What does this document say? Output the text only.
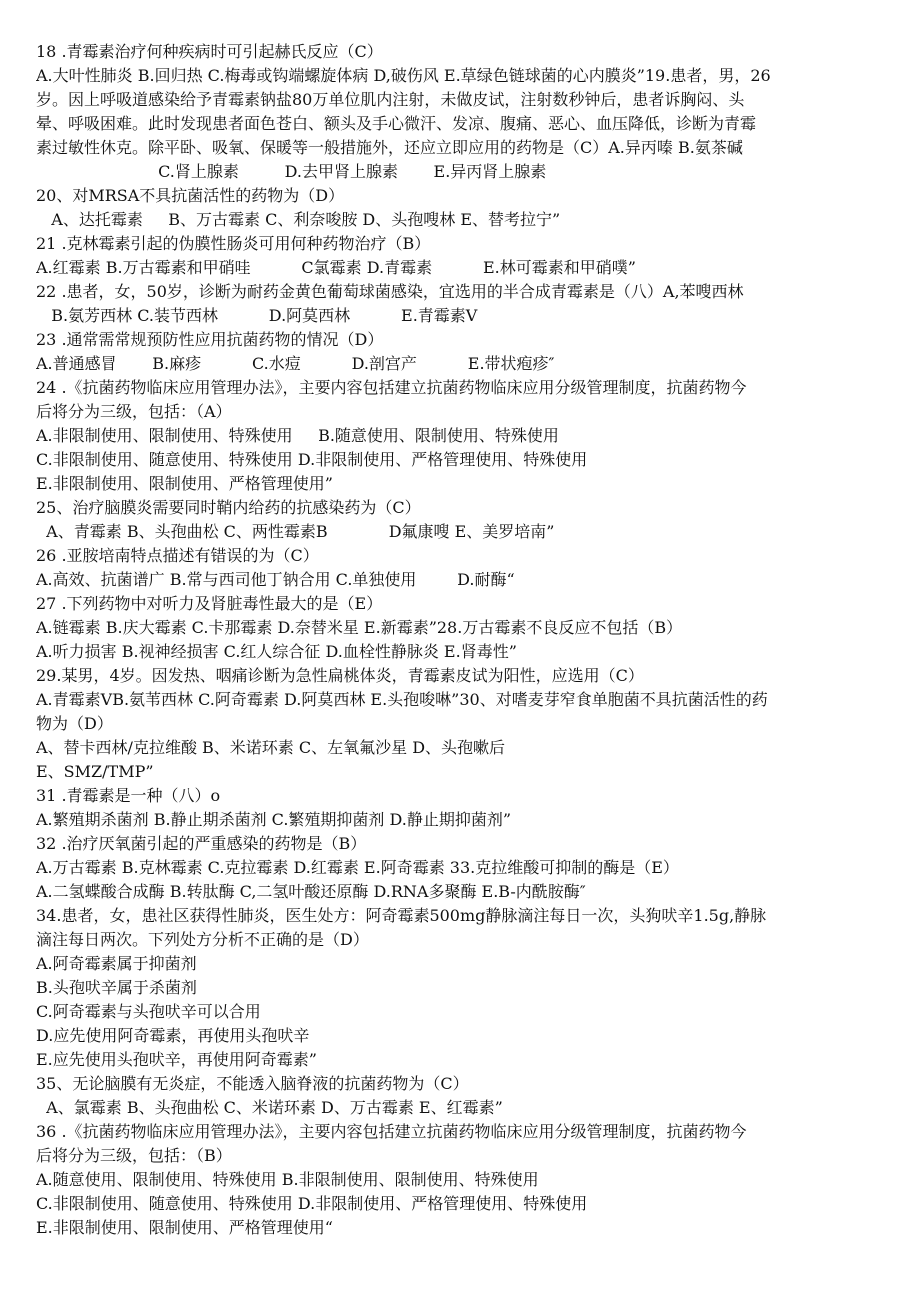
18 .青霉素治疗何种疾病时可引起赫氏反应（C）
A.大叶性肺炎 B.回归热 C.梅毒或钩端螺旋体病 D,破伤风 E.草绿色链球菌的心内膜炎”19.患者，男，26
岁。因上呼吸道感染给予青霉素钠盐80万单位肌内注射，未做皮试，注射数秒钟后，患者诉胸闷、头
晕、呼吸困难。此时发现患者面色苍白、额头及手心微汗、发凉、腹痛、恶心、血压降低，诊断为青霉
素过敏性休克。除平卧、吸氧、保暖等一般措施外，还应立即应用的药物是（C）A.异丙嗪 B.氨茶碱
C.肾上腺素         D.去甲肾上腺素       E.异丙肾上腺素
20、对MRSA不具抗菌活性的药物为（D）
A、达托霉素     B、万古霉素 C、利奈唆胺 D、头孢嗖林 E、替考拉宁”
21 .克林霉素引起的伪膜性肠炎可用何种药物治疗（B）
A.红霉素 B.万古霉素和甲硝哇          C氯霉素 D.青霉素          E.林可霉素和甲硝噗”
22 .患者，女，50岁，诊断为耐药金黄色葡萄球菌感染，宜选用的半合成青霉素是（八）A,苯嗖西林
B.氨芳西林 C.装节西林          D.阿莫西林          E.青霉素V
23 .通常需常规预防性应用抗菌药物的情况（D）
A.普通感冒       B.麻疹          C.水痘          D.剖宫产          E.带状疱疹″
24 .《抗菌药物临床应用管理办法》，主要内容包括建立抗菌药物临床应用分级管理制度，抗菌药物今
后将分为三级，包括：（A）
A.非限制使用、限制使用、特殊使用     B.随意使用、限制使用、特殊使用
C.非限制使用、随意使用、特殊使用 D.非限制使用、严格管理使用、特殊使用
E.非限制使用、限制使用、严格管理使用”
25、治疗脑膜炎需要同时鞘内给药的抗感染药为（C）
A、青霉素 B、头孢曲松 C、两性霉素B            D氟康嗖 E、美罗培南”
26 .亚胺培南特点描述有错误的为（C）
A.高效、抗菌谱广 B.常与西司他丁钠合用 C.单独使用        D.耐酶“
27 .下列药物中对听力及肾脏毒性最大的是（E）
A.链霉素 B.庆大霉素 C.卡那霉素 D.奈替米星 E.新霉素”28.万古霉素不良反应不包括（B）
A.听力损害 B.视神经损害 C.红人综合征 D.血栓性静脉炎 E.肾毒性”
29.某男，4岁。因发热、咽痛诊断为急性扁桃体炎，青霉素皮试为阳性，应选用（C）
A.青霉素VB.氨苇西林 C.阿奇霉素 D.阿莫西林 E.头孢唆啉”30、对嗜麦芽窄食单胞菌不具抗菌活性的药
物为（D）
A、替卡西林/克拉维酸 B、米诺环素 C、左氧氟沙星 D、头孢嗽后
E、SMZ/TMP”
31 .青霉素是一种（八）o
A.繁殖期杀菌剂 B.静止期杀菌剂 C.繁殖期抑菌剂 D.静止期抑菌剂”
32 .治疗厌氧菌引起的严重感染的药物是（B）
A.万古霉素 B.克林霉素 C.克拉霉素 D.红霉素 E.阿奇霉素 33.克拉维酸可抑制的酶是（E）
A.二氢蝶酸合成酶 B.转肽酶 C,二氢叶酸还原酶 D.RNA多聚酶 E.B-内酰胺酶″
34.患者，女，患社区获得性肺炎，医生处方：阿奇霉素500mg静脉滴注每日一次，头狗吠辛1.5g,静脉
滴注每日两次。下列处方分析不正确的是（D）
A.阿奇霉素属于抑菌剂
B.头孢吠辛属于杀菌剂
C.阿奇霉素与头孢吠辛可以合用
D.应先使用阿奇霉素，再使用头孢吠辛
E.应先使用头孢吠辛，再使用阿奇霉素”
35、无论脑膜有无炎症，不能透入脑脊液的抗菌药物为（C）
A、氯霉素 B、头孢曲松 C、米诺环素 D、万古霉素 E、红霉素”
36 .《抗菌药物临床应用管理办法》，主要内容包括建立抗菌药物临床应用分级管理制度，抗菌药物今
后将分为三级，包括：（B）
A.随意使用、限制使用、特殊使用 B.非限制使用、限制使用、特殊使用
C.非限制使用、随意使用、特殊使用 D.非限制使用、严格管理使用、特殊使用
E.非限制使用、限制使用、严格管理使用“
